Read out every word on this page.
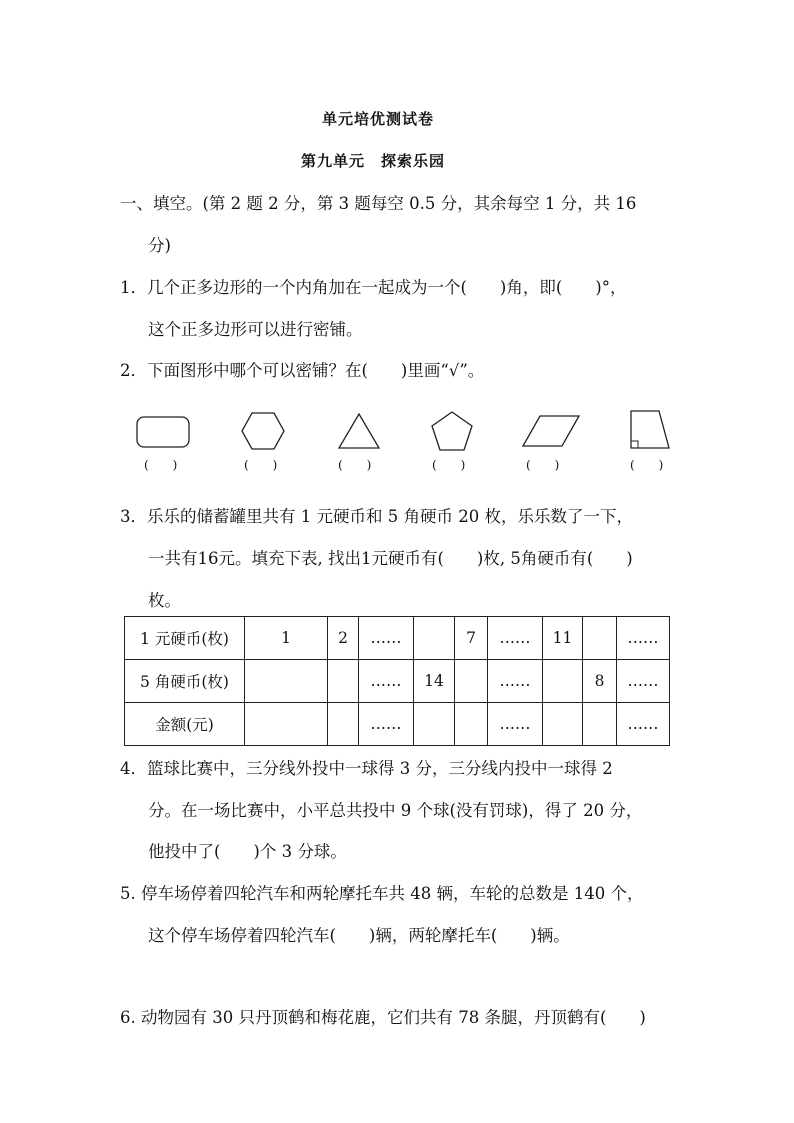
单元培优测试卷
第九单元　探索乐园
一、填空。(第 2 题 2 分，第 3 题每空 0.5 分，其余每空 1 分，共 16
分)
1．几个正多边形的一个内角加在一起成为一个(　　)角，即(　　)°，
这个正多边形可以进行密铺。
2．下面图形中哪个可以密铺？在(　　)里画“√”。
(　　)	(　　)	(　　)	(　　)	(　　)	(　　)
3．乐乐的储蓄罐里共有 1 元硬币和 5 角硬币 20 枚，乐乐数了一下，
一共有16元。填充下表, 找出1元硬币有(　　)枚, 5角硬币有(　　)
枚。
1 元硬币(枚)	1	2	……		7	……	11		……
5 角硬币(枚)			……	14		……		8	……
金额(元)			……			……			……
4．篮球比赛中，三分线外投中一球得 3 分，三分线内投中一球得 2
分。在一场比赛中，小平总共投中 9 个球(没有罚球)，得了 20 分，
他投中了(　　)个 3 分球。
5. 停车场停着四轮汽车和两轮摩托车共 48 辆，车轮的总数是 140 个，
这个停车场停着四轮汽车(　　)辆，两轮摩托车(　　)辆。
6. 动物园有 30 只丹顶鹤和梅花鹿，它们共有 78 条腿，丹顶鹤有(　　)
